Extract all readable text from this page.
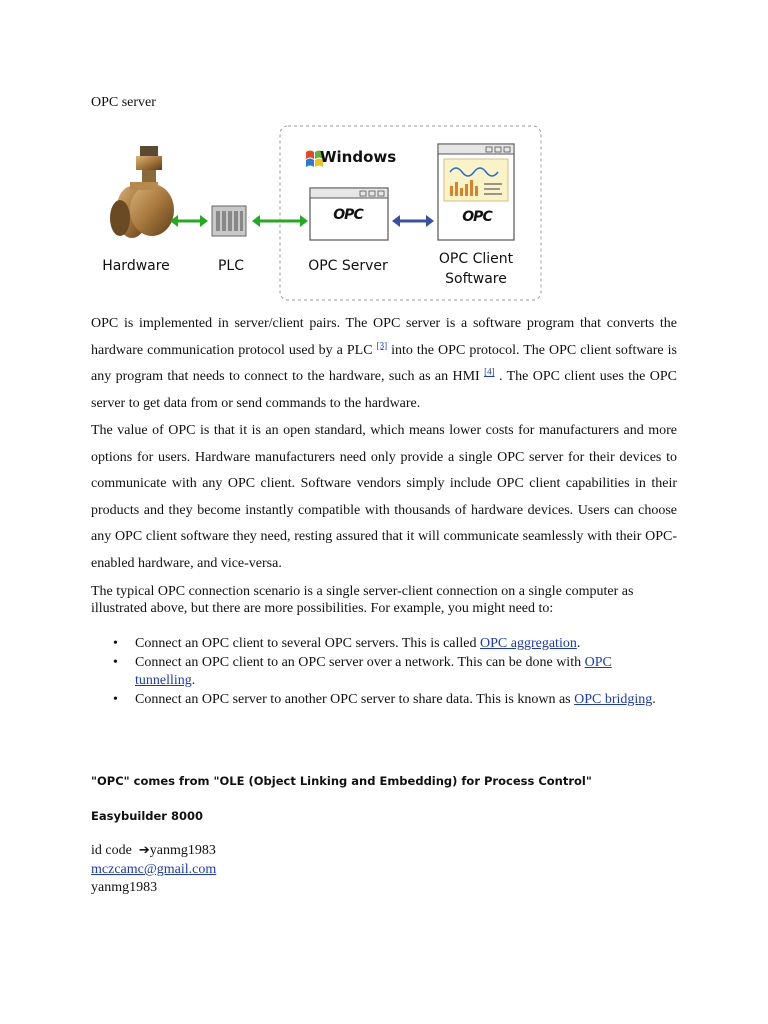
OPC server
Windows
OPC	OPC
Hardware	PLC	OPC Server	OPC Client
Software
OPC is implemented in server/client pairs. The OPC server is a software program that converts the hardware communication protocol used by a PLC [3] into the OPC protocol. The OPC client software is any program that needs to connect to the hardware, such as an HMI [4] . The OPC client uses the OPC server to get data from or send commands to the hardware.
The value of OPC is that it is an open standard, which means lower costs for manufacturers and more options for users. Hardware manufacturers need only provide a single OPC server for their devices to communicate with any OPC client. Software vendors simply include OPC client capabilities in their products and they become instantly compatible with thousands of hardware devices. Users can choose any OPC client software they need, resting assured that it will communicate seamlessly with their OPC-enabled hardware, and vice-versa.
The typical OPC connection scenario is a single server-client connection on a single computer as illustrated above, but there are more possibilities. For example, you might need to:
• Connect an OPC client to several OPC servers. This is called OPC aggregation.
• Connect an OPC client to an OPC server over a network. This can be done with OPC tunnelling.
• Connect an OPC server to another OPC server to share data. This is known as OPC bridging.
"OPC" comes from "OLE (Object Linking and Embedding) for Process Control"
Easybuilder 8000
id code  ➔yanmg1983
mczcamc@gmail.com
yanmg1983
